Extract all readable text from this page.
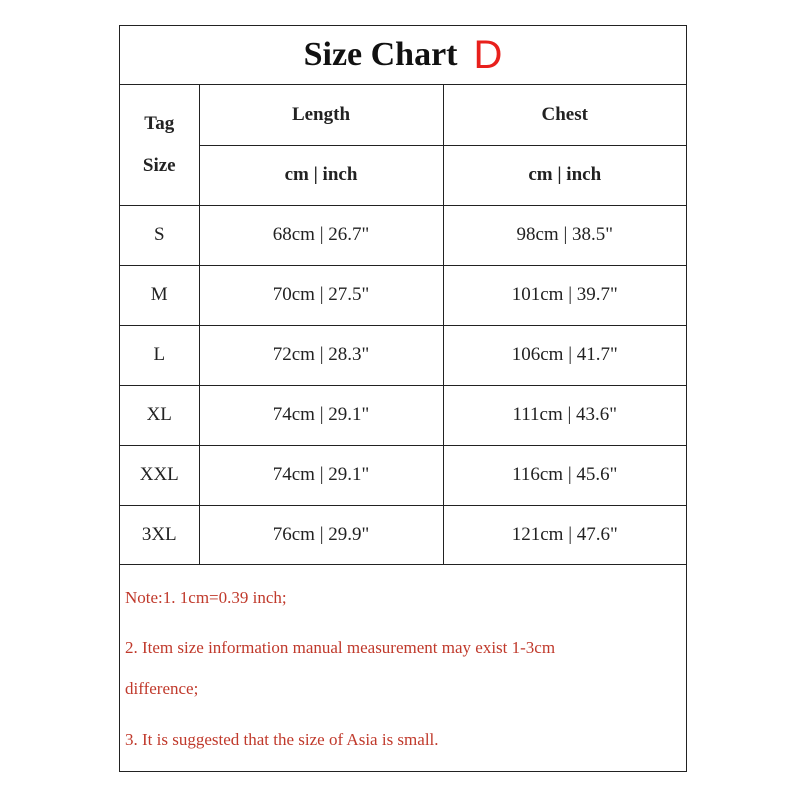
Size Chart D
Tag
Size	Length	Chest
	cm | inch	cm | inch
S	68cm | 26.7"	98cm | 38.5"
M	70cm | 27.5"	101cm | 39.7"
L	72cm | 28.3"	106cm | 41.7"
XL	74cm | 29.1"	111cm | 43.6"
XXL	74cm | 29.1"	116cm | 45.6"
3XL	76cm | 29.9"	121cm | 47.6"
Note:1. 1cm=0.39 inch;
2. Item size information manual measurement may exist 1-3cm
difference;
3. It is suggested that the size of Asia is small.
